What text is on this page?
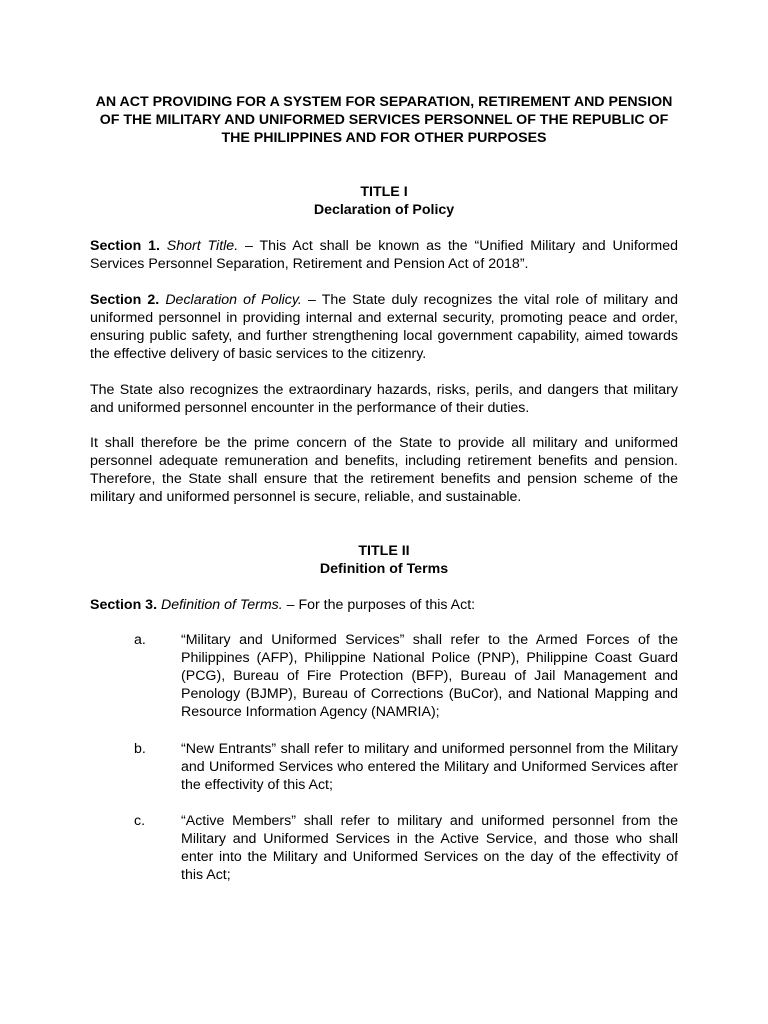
AN ACT PROVIDING FOR A SYSTEM FOR SEPARATION, RETIREMENT AND PENSION OF THE MILITARY AND UNIFORMED SERVICES PERSONNEL OF THE REPUBLIC OF THE PHILIPPINES AND FOR OTHER PURPOSES

TITLE I
Declaration of Policy

Section 1. Short Title. – This Act shall be known as the “Unified Military and Uniformed Services Personnel Separation, Retirement and Pension Act of 2018”.

Section 2. Declaration of Policy. – The State duly recognizes the vital role of military and uniformed personnel in providing internal and external security, promoting peace and order, ensuring public safety, and further strengthening local government capability, aimed towards the effective delivery of basic services to the citizenry.

The State also recognizes the extraordinary hazards, risks, perils, and dangers that military and uniformed personnel encounter in the performance of their duties.

It shall therefore be the prime concern of the State to provide all military and uniformed personnel adequate remuneration and benefits, including retirement benefits and pension. Therefore, the State shall ensure that the retirement benefits and pension scheme of the military and uniformed personnel is secure, reliable, and sustainable.

TITLE II
Definition of Terms

Section 3. Definition of Terms. – For the purposes of this Act:

a. “Military and Uniformed Services” shall refer to the Armed Forces of the Philippines (AFP), Philippine National Police (PNP), Philippine Coast Guard (PCG), Bureau of Fire Protection (BFP), Bureau of Jail Management and Penology (BJMP), Bureau of Corrections (BuCor), and National Mapping and Resource Information Agency (NAMRIA);
b. “New Entrants” shall refer to military and uniformed personnel from the Military and Uniformed Services who entered the Military and Uniformed Services after the effectivity of this Act;
c.	“Active Members” shall refer to military and uniformed personnel from the Military and Uniformed Services in the Active Service, and those who shall enter into the Military and Uniformed Services on the day of the effectivity of this Act;
